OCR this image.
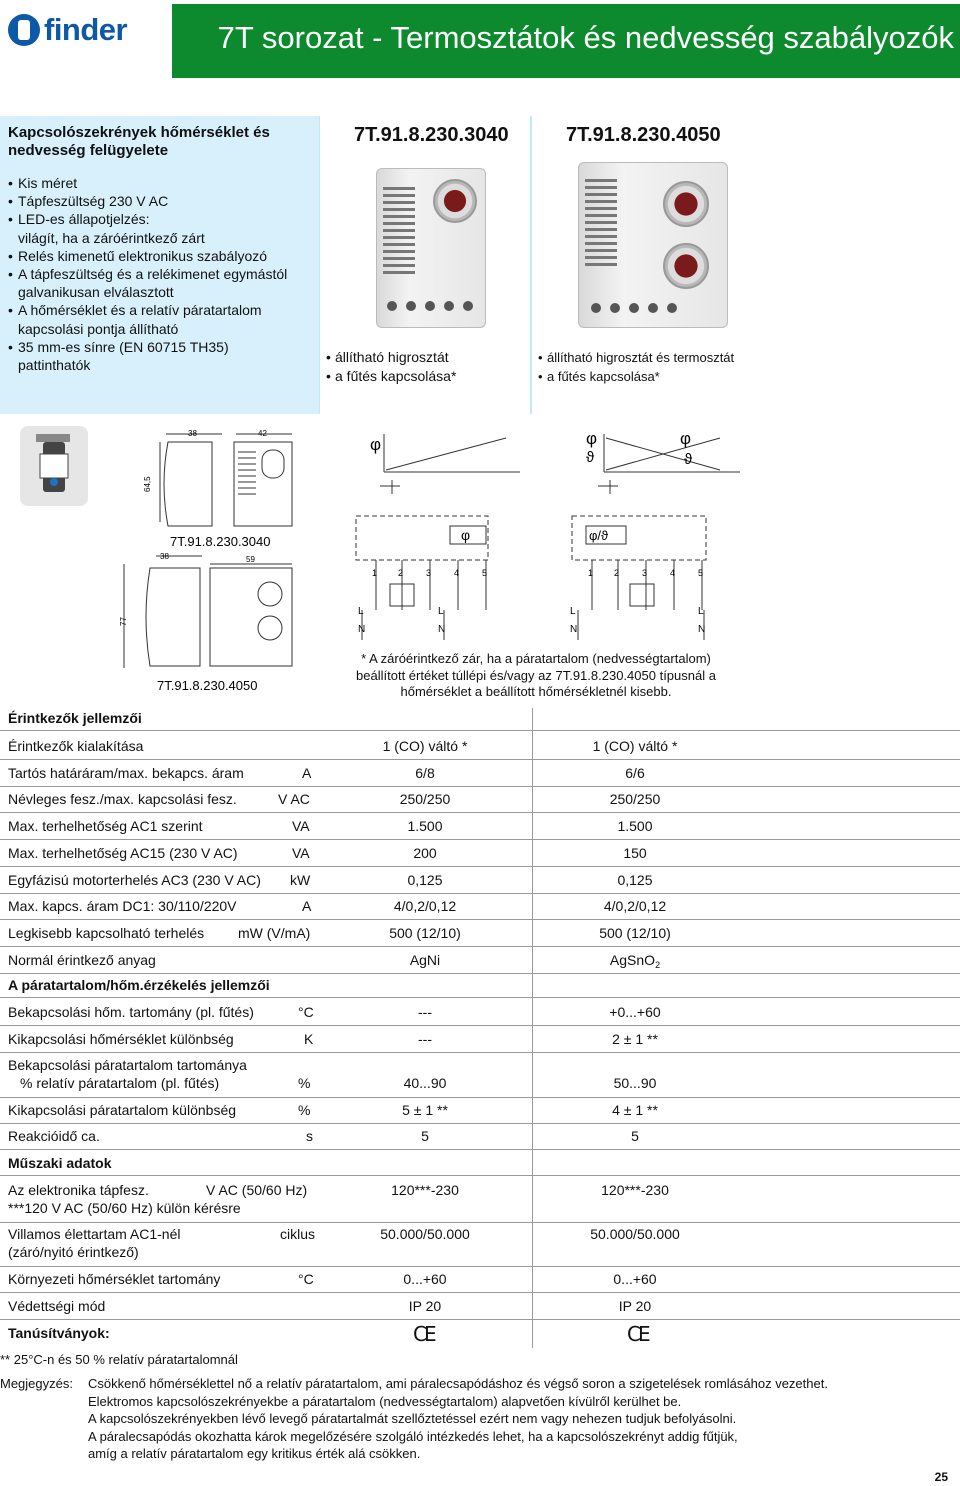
finder	7T sorozat - Termosztátok és nedvesség szabályozók
Kapcsolószekrények hőmérséklet és nedvesség felügyelete
• Kis méret
• Tápfeszültség 230 V AC
• LED-es állapotjelzés:
világít, ha a záróérintkező zárt
• Relés kimenetű elektronikus szabályozó
• A tápfeszültség és a relékimenet egymástól
galvanikusan elválasztott
• A hőmérséklet és a relatív páratartalom
kapcsolási pontja állítható
• 35 mm-es sínre (EN 60715 TH35)
pattinthatók
7T.91.8.230.3040
• állítható higrosztát
• a fűtés kapcsolása*
7T.91.8.230.4050
• állítható higrosztát és termosztát
• a fűtés kapcsolása*
38	42
64,5
7T.91.8.230.3040
38	59
77
7T.91.8.230.4050
φ	φ
ϑ
φ
ϑ
φ
1 2	3	4	5
L
N
L
N
φ/ϑ
1 2	3	4	5
L
N
L
N
* A záróérintkező zár, ha a páratartalom (nedvességtartalom) beállított értéket túllépi és/vagy az 7T.91.8.230.4050 típusnál a hőmérséklet a beállított hőmérsékletnél kisebb.
Érintkezők jellemzői
Érintkezők kialakítása	1 (CO) váltó *	1 (CO) váltó *
Tartós határáram/max. bekapcs. áram	A	6/8	6/6
Névleges fesz./max. kapcsolási fesz.	V AC	250/250	250/250
Max. terhelhetőség AC1 szerint	VA	1.500	1.500
Max. terhelhetőség AC15 (230 V AC)	VA	200	150
Egyfázisú motorterhelés AC3 (230 V AC) kW	0,125	0,125
Max. kapcs. áram DC1: 30/110/220V	A	4/0,2/0,12	4/0,2/0,12
Legkisebb kapcsolható terhelés mW (V/mA)	500 (12/10)	500 (12/10)
Normál érintkező anyag	AgNi	AgSnO$_2$
A páratartalom/hőm.érzékelés jellemzői
Bekapcsolási hőm. tartomány (pl. fűtés)	°C	---	+0...+60
Kikapcsolási hőmérséklet különbség	K	---	2 ± 1 **
Bekapcsolási páratartalom tartománya
% relatív páratartalom (pl. fűtés)	%	40...90	50...90
Kikapcsolási páratartalom különbség	%	5 ± 1 **	4 ± 1 **
Reakcióidő ca.	s	5	5
Műszaki adatok
Az elektronika tápfesz.
***120 V AC (50/60 Hz) külön kérésre
V AC (50/60 Hz)	120***-230	120***-230
Villamos élettartam AC1-nél
(záró/nyitó érintkező)
ciklus	50.000/50.000	50.000/50.000
Környezeti hőmérséklet tartomány	°C	0...+60	0...+60
Védettségi mód	IP 20	IP 20
Tanúsítványok:	CE	CE
** 25°C-n és 50 % relatív páratartalomnál
Megjegyzés: Csökkenő hőmérséklettel nő a relatív páratartalom, ami páralecsapódáshoz és végső soron a szigetelések romlásához vezethet.
Elektromos kapcsolószekrényekbe a páratartalom (nedvességtartalom) alapvetően kívülről kerülhet be.
A kapcsolószekrényekben lévő levegő páratartalmát szellőztetéssel ezért nem vagy nehezen tudjuk befolyásolni.
A páralecsapódás okozhatta károk megelőzésére szolgáló intézkedés lehet, ha a kapcsolószekrényt addig fűtjük,
amíg a relatív páratartalom egy kritikus érték alá csökken.
25
